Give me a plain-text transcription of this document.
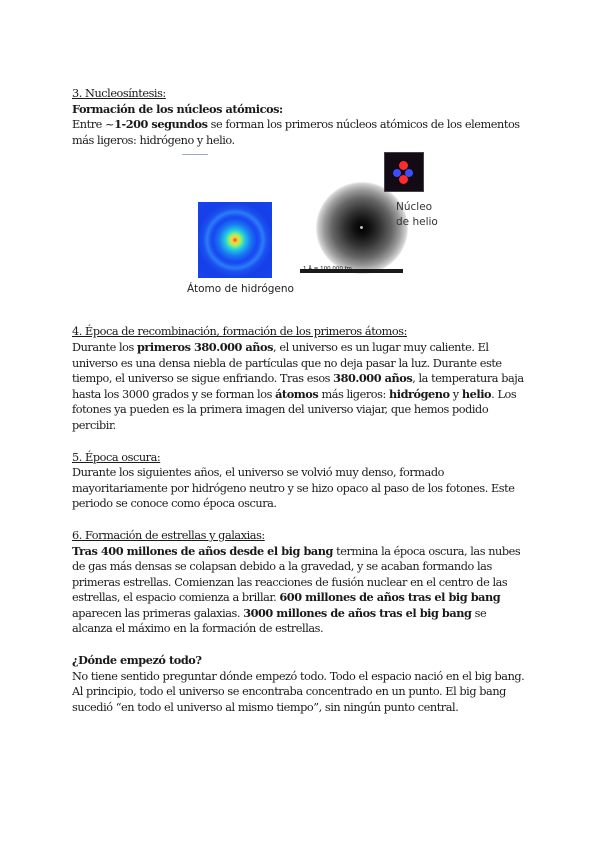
3. Nucleosíntesis:

Formación de los núcleos atómicos:

Entre ~1-200 segundos se forman los primeros núcleos atómicos de los elementos más ligeros: hidrógeno y helio.

Átomo de hidrógeno
Núcleo
de helio

4. Época de recombinación, formación de los primeros átomos:

Durante los primeros 380.000 años, el universo es un lugar muy caliente. El universo es una densa niebla de partículas que no deja pasar la luz. Durante este tiempo, el universo se sigue enfriando. Tras esos 380.000 años, la temperatura baja hasta los 3000 grados y se forman los átomos más ligeros: hidrógeno y helio. Los fotones ya pueden es la primera imagen del universo viajar, que hemos podido percibir.

5. Época oscura:

Durante los siguientes años, el universo se volvió muy denso, formado mayoritariamente por hidrógeno neutro y se hizo opaco al paso de los fotones. Este periodo se conoce como época oscura.

6. Formación de estrellas y galaxias:

Tras 400 millones de años desde el big bang termina la época oscura, las nubes de gas más densas se colapsan debido a la gravedad, y se acaban formando las primeras estrellas. Comienzan las reacciones de fusión nuclear en el centro de las estrellas, el espacio comienza a brillar. 600 millones de años tras el big bang aparecen las primeras galaxias. 3000 millones de años tras el big bang se alcanza el máximo en la formación de estrellas.

¿Dónde empezó todo?

No tiene sentido preguntar dónde empezó todo. Todo el espacio nació en el big bang. Al principio, todo el universo se encontraba concentrado en un punto. El big bang sucedió “en todo el universo al mismo tiempo”, sin ningún punto central.
